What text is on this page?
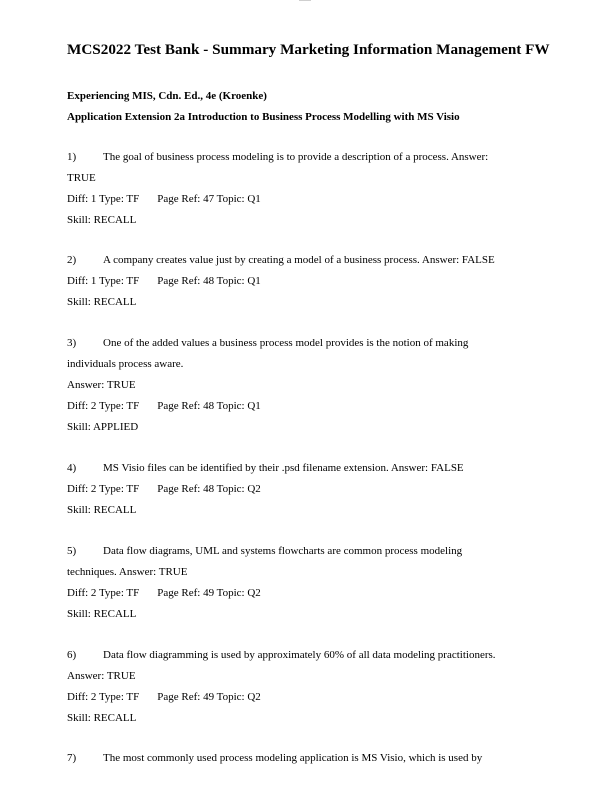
MCS2022 Test Bank - Summary Marketing Information Management FW

Experiencing MIS, Cdn. Ed., 4e (Kroenke)

Application Extension 2a Introduction to Business Process Modelling with MS Visio

1) The goal of business process modeling is to provide a description of a process. Answer:
TRUE
Diff: 1 Type: TF Page Ref: 47 Topic: Q1
Skill: RECALL
2) A company creates value just by creating a model of a business process. Answer: FALSE
Diff: 1 Type: TF Page Ref: 48 Topic: Q1
Skill: RECALL
3) One of the added values a business process model provides is the notion of making
individuals process aware.
Answer: TRUE
Diff: 2 Type: TF Page Ref: 48 Topic: Q1
Skill: APPLIED
4) MS Visio files can be identified by their .psd filename extension. Answer: FALSE
Diff: 2 Type: TF Page Ref: 48 Topic: Q2
Skill: RECALL
5) Data flow diagrams, UML and systems flowcharts are common process modeling
techniques. Answer: TRUE
Diff: 2 Type: TF Page Ref: 49 Topic: Q2
Skill: RECALL
6) Data flow diagramming is used by approximately 60% of all data modeling practitioners.
Answer: TRUE
Diff: 2 Type: TF Page Ref: 49 Topic: Q2
Skill: RECALL
7) The most commonly used process modeling application is MS Visio, which is used by
